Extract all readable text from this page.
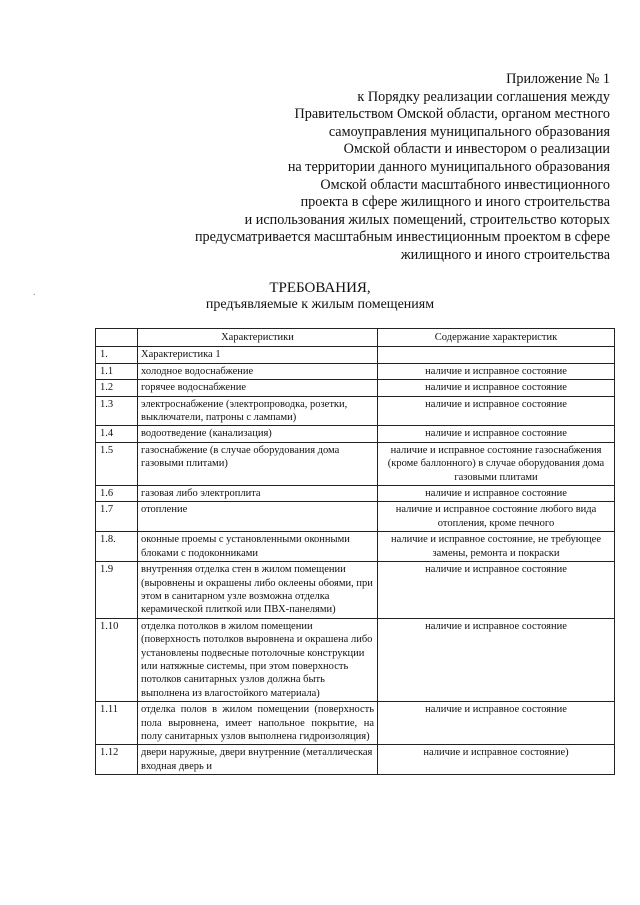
Приложение № 1
к Порядку реализации соглашения между
Правительством Омской области, органом местного
самоуправления муниципального образования
Омской области и инвестором о реализации
на территории данного муниципального образования
Омской области масштабного инвестиционного
проекта в сфере жилищного и иного строительства
и использования жилых помещений, строительство которых
предусматривается масштабным инвестиционным проектом в сфере
жилищного и иного строительства
.	ТРЕБОВАНИЯ,
предъявляемые к жилым помещениям
	Характеристики	Содержание характеристик
1.	Характеристика 1	
1.1	холодное водоснабжение	наличие и исправное состояние
1.2	горячее водоснабжение	наличие и исправное состояние
1.3	электроснабжение (электропроводка, розетки, выключатели, патроны с лампами)	наличие и исправное состояние
1.4	водоотведение (канализация)	наличие и исправное состояние
1.5	газоснабжение (в случае оборудования дома газовыми плитами)	наличие и исправное состояние газоснабжения (кроме баллонного) в случае оборудования дома газовыми плитами
1.6	газовая либо электроплита	наличие и исправное состояние
1.7	отопление	наличие и исправное состояние любого вида отопления, кроме печного
1.8.	оконные проемы с установленными оконными блоками с подоконниками	наличие и исправное состояние, не требующее замены, ремонта и покраски
1.9	внутренняя отделка стен в жилом помещении (выровнены и окрашены либо оклеены обоями, при этом в санитарном узле возможна отделка керамической плиткой или ПВХ-панелями)	наличие и исправное состояние
1.10	отделка потолков в жилом помещении (поверхность потолков выровнена и окрашена либо установлены подвесные потолочные конструкции или натяжные системы, при этом поверхность потолков санитарных узлов должна быть выполнена из влагостойкого материала)	наличие и исправное состояние
1.11	отделка полов в жилом помещении (поверхность пола выровнена, имеет напольное покрытие, на полу санитарных узлов выполнена гидроизоляция)	наличие и исправное состояние
1.12	двери наружные, двери внутренние (металлическая входная дверь и	наличие и исправное состояние)
